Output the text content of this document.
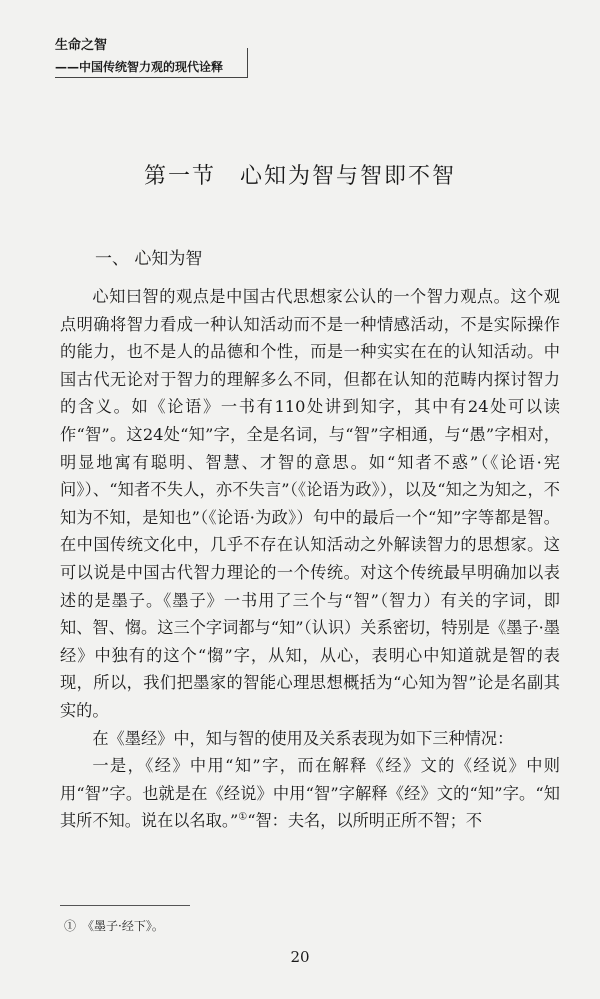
生命之智
——中国传统智力观的现代诠释
第一节　心知为智与智即不智
一、 心知为智

心知曰智的观点是中国古代思想家公认的一个智力观点。这个观点明确将智力看成一种认知活动而不是一种情感活动，不是实际操作的能力，也不是人的品德和个性，而是一种实实在在的认知活动。中国古代无论对于智力的理解多么不同，但都在认知的范畴内探讨智力的含义。如《论语》一书有110处讲到知字，其中有24处可以读作“智”。这24处“知”字，全是名词，与“智”字相通，与“愚”字相对，明显地寓有聪明、智慧、才智的意思。如“知者不惑”（《论语·宪问》）、“知者不失人，亦不失言”（《论语为政》），以及“知之为知之，不知为不知，是知也”（《论语·为政》）句中的最后一个“知”字等都是智。在中国传统文化中，几乎不存在认知活动之外解读智力的思想家。这可以说是中国古代智力理论的一个传统。对这个传统最早明确加以表述的是墨子。《墨子》一书用了三个与“智”（智力）有关的字词，即知、智、㥮。这三个字词都与“知”（认识）关系密切，特别是《墨子·墨经》中独有的这个“㥮”字，从知，从心，表明心中知道就是智的表现，所以，我们把墨家的智能心理思想概括为“心知为智”论是名副其实的。

在《墨经》中，知与智的使用及关系表现为如下三种情况：

一是，《经》中用“知”字，而在解释《经》文的《经说》中则用“智”字。也就是在《经说》中用“智”字解释《经》文的“知”字。“知其所不知。说在以名取。”①“智：夫名，以所明正所不智；不

①　《墨子·经下》。
20
